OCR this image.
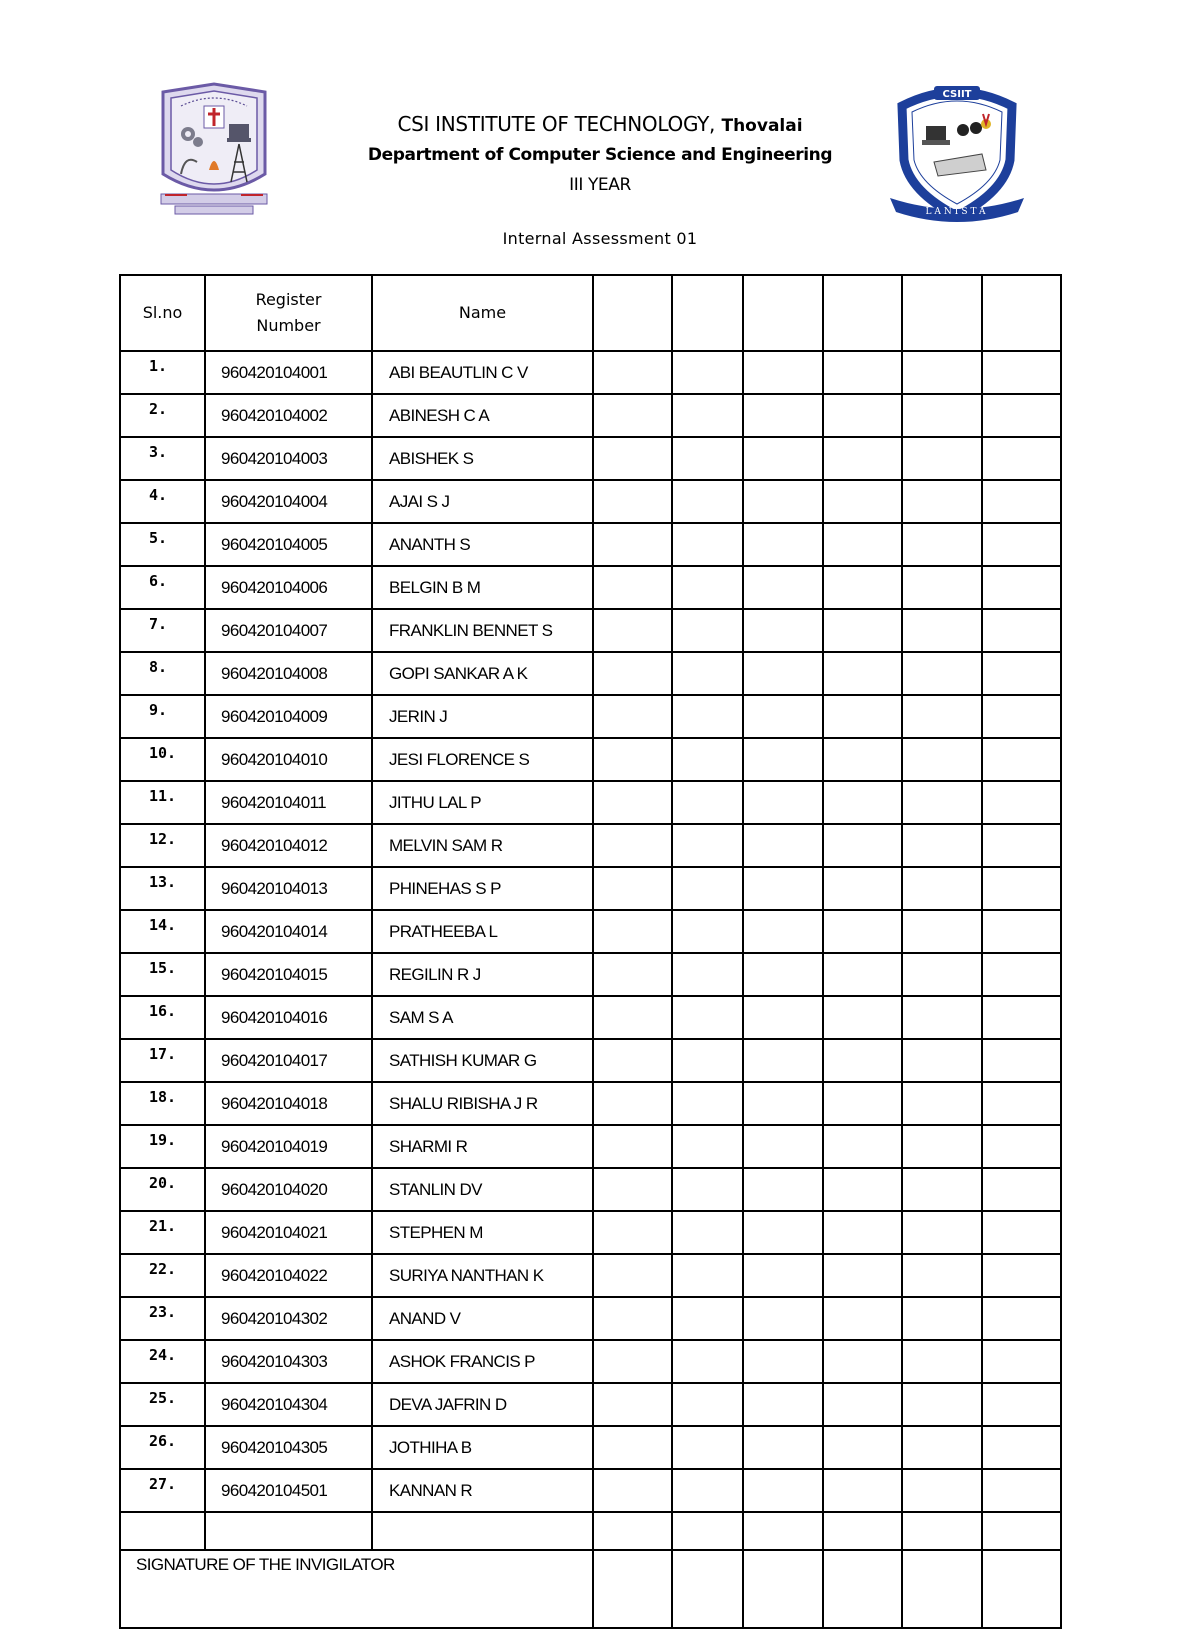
CSIIT
LANISTA
CSI INSTITUTE OF TECHNOLOGY, Thovalai
Department of Computer Science and Engineering
III YEAR
Internal Assessment 01
Sl.no	Register Number	Name						
1.	960420104001	ABI BEAUTLIN C V						
2.	960420104002	ABINESH C A						
3.	960420104003	ABISHEK S						
4.	960420104004	AJAI S J						
5.	960420104005	ANANTH S						
6.	960420104006	BELGIN B M						
7.	960420104007	FRANKLIN BENNET S						
8.	960420104008	GOPI SANKAR A K						
9.	960420104009	JERIN J						
10.	960420104010	JESI FLORENCE S						
11.	960420104011	JITHU LAL P						
12.	960420104012	MELVIN SAM R						
13.	960420104013	PHINEHAS S P						
14.	960420104014	PRATHEEBA L						
15.	960420104015	REGILIN R J						
16.	960420104016	SAM S A						
17.	960420104017	SATHISH KUMAR G						
18.	960420104018	SHALU RIBISHA J R						
19.	960420104019	SHARMI R						
20.	960420104020	STANLIN DV						
21.	960420104021	STEPHEN M						
22.	960420104022	SURIYA NANTHAN K						
23.	960420104302	ANAND V						
24.	960420104303	ASHOK FRANCIS P						
25.	960420104304	DEVA JAFRIN D						
26.	960420104305	JOTHIHA B						
27.	960420104501	KANNAN R						

SIGNATURE OF THE INVIGILATOR								
